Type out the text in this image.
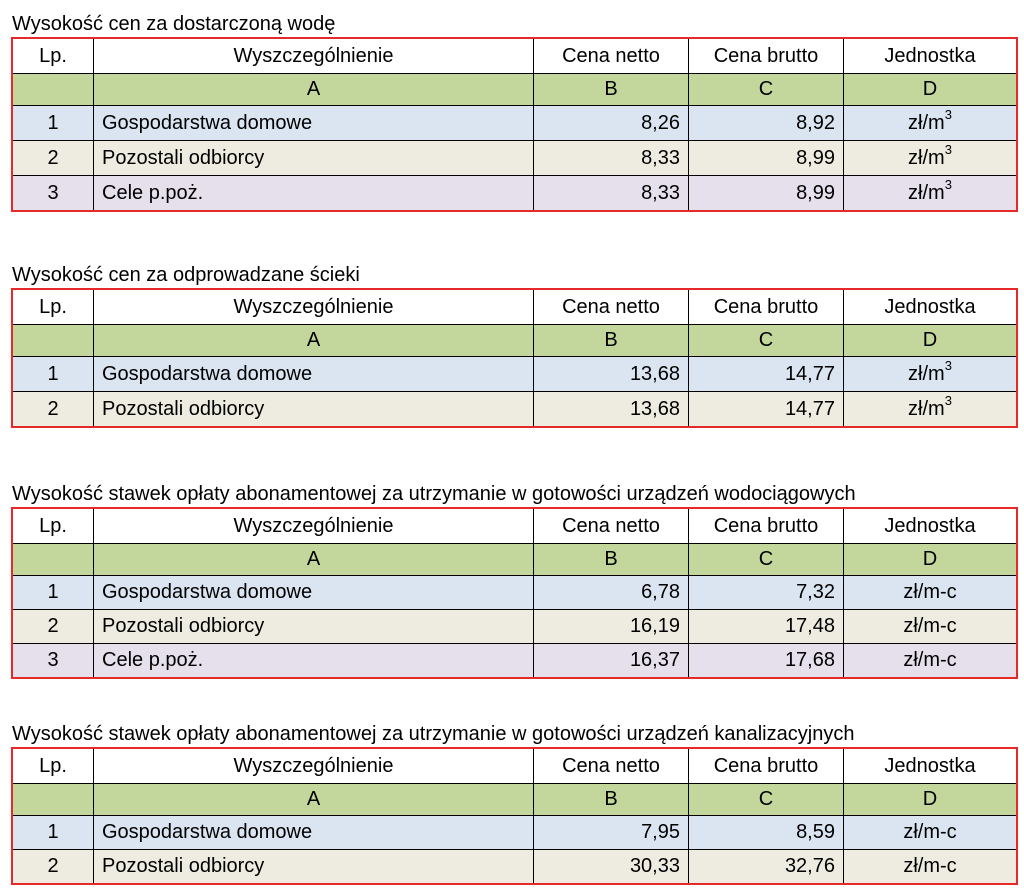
Wysokość cen za dostarczoną wodę
Lp.	Wyszczególnienie	Cena netto	Cena brutto	Jednostka
	A	B	C	D
1	Gospodarstwa domowe	8,26	8,92	$zł/m^3$
2	Pozostali odbiorcy	8,33	8,99	$zł/m^3$
3	Cele p.poż.	8,33	8,99	$zł/m^3$
Wysokość cen za odprowadzane ścieki
Lp.	Wyszczególnienie	Cena netto	Cena brutto	Jednostka
	A	B	C	D
1	Gospodarstwa domowe	13,68	14,77	$zł/m^3$
2	Pozostali odbiorcy	13,68	14,77	$zł/m^3$
Wysokość stawek opłaty abonamentowej za utrzymanie w gotowości urządzeń wodociągowych
Lp.	Wyszczególnienie	Cena netto	Cena brutto	Jednostka
	A	B	C	D
1	Gospodarstwa domowe	6,78	7,32	zł/m-c
2	Pozostali odbiorcy	16,19	17,48	zł/m-c
3	Cele p.poż.	16,37	17,68	zł/m-c
Wysokość stawek opłaty abonamentowej za utrzymanie w gotowości urządzeń kanalizacyjnych
Lp.	Wyszczególnienie	Cena netto	Cena brutto	Jednostka
	A	B	C	D
1	Gospodarstwa domowe	7,95	8,59	zł/m-c
2	Pozostali odbiorcy	30,33	32,76	zł/m-c
